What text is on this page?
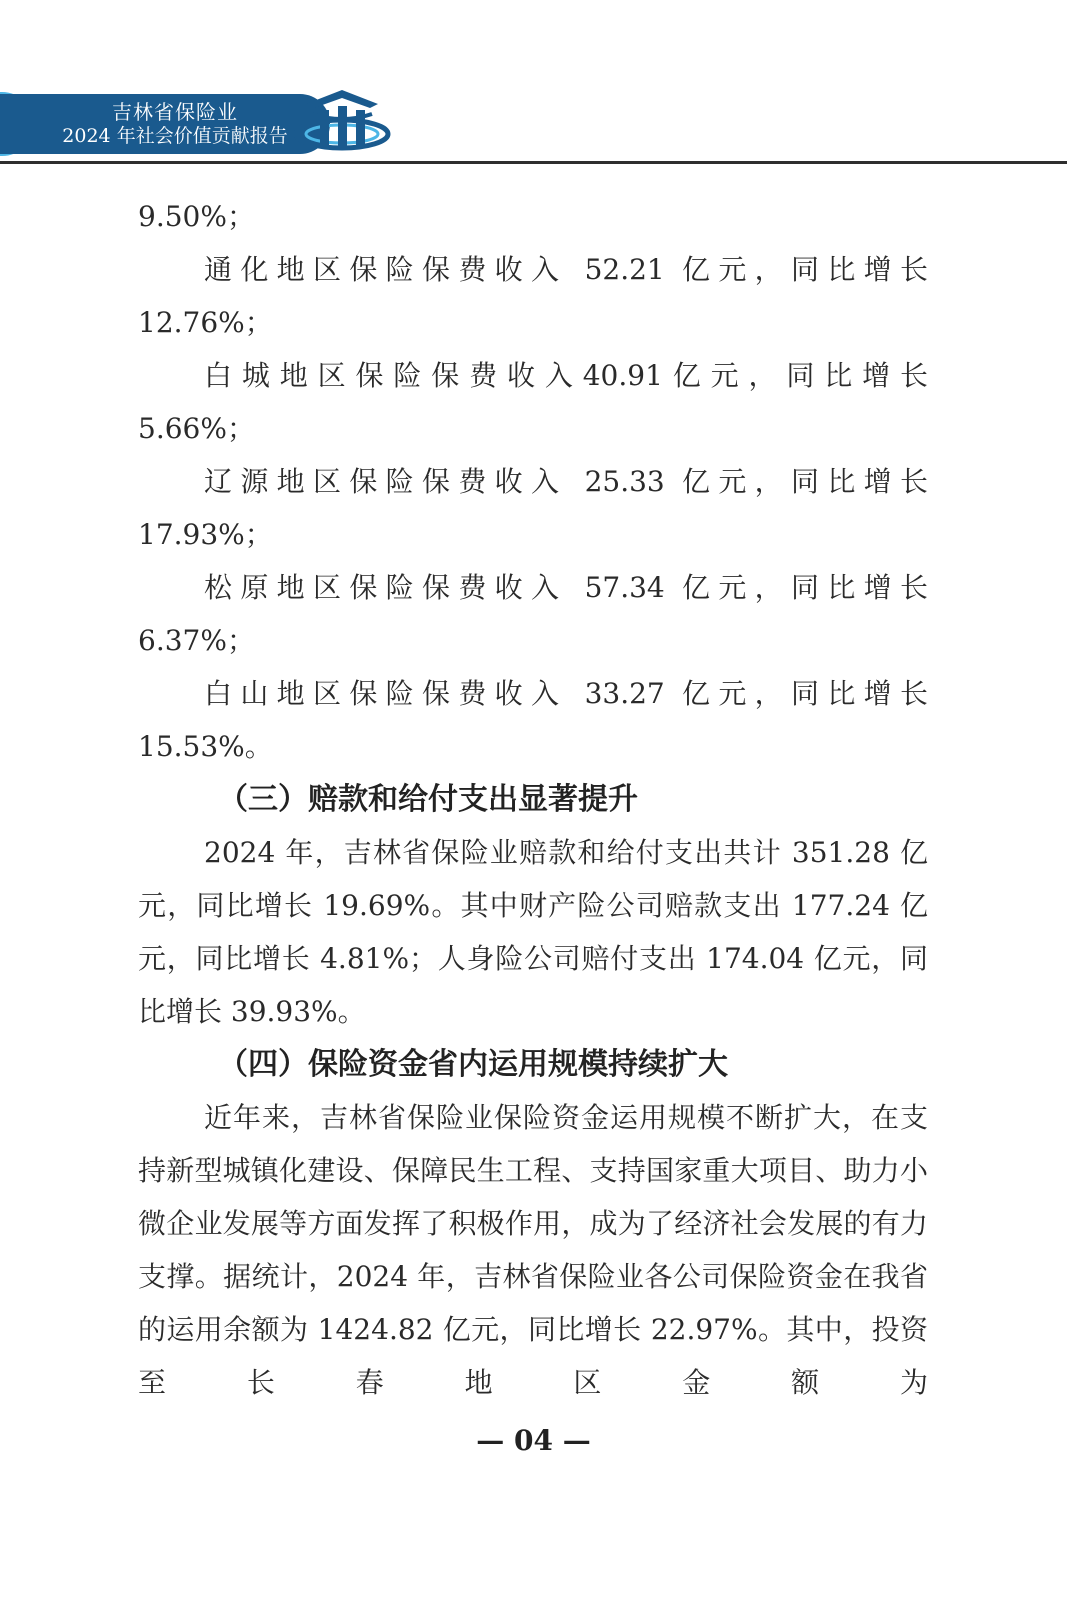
吉林省保险业
2024 年社会价值贡献报告

9.50%；

通化地区保险保费收入 52.21 亿元，同比增长

12.76%；

白城地区保险保费收入40.91亿元，同比增长

5.66%；

辽源地区保险保费收入 25.33 亿元，同比增长

17.93%；

松原地区保险保费收入 57.34 亿元，同比增长

6.37%；

白山地区保险保费收入 33.27 亿元，同比增长

15.53%。

（三）赔款和给付支出显著提升

2024 年，吉林省保险业赔款和给付支出共计 351.28 亿元，同比增长 19.69%。其中财产险公司赔款支出 177.24 亿元，同比增长 4.81%；人身险公司赔付支出 174.04 亿元，同比增长 39.93%。

（四）保险资金省内运用规模持续扩大

近年来，吉林省保险业保险资金运用规模不断扩大，在支持新型城镇化建设、保障民生工程、支持国家重大项目、助力小微企业发展等方面发挥了积极作用，成为了经济社会发展的有力支撑。据统计，2024 年，吉林省保险业各公司保险资金在我省的运用余额为 1424.82 亿元，同比增长 22.97%。其中，投资至长春地区金额为

— 04 —
